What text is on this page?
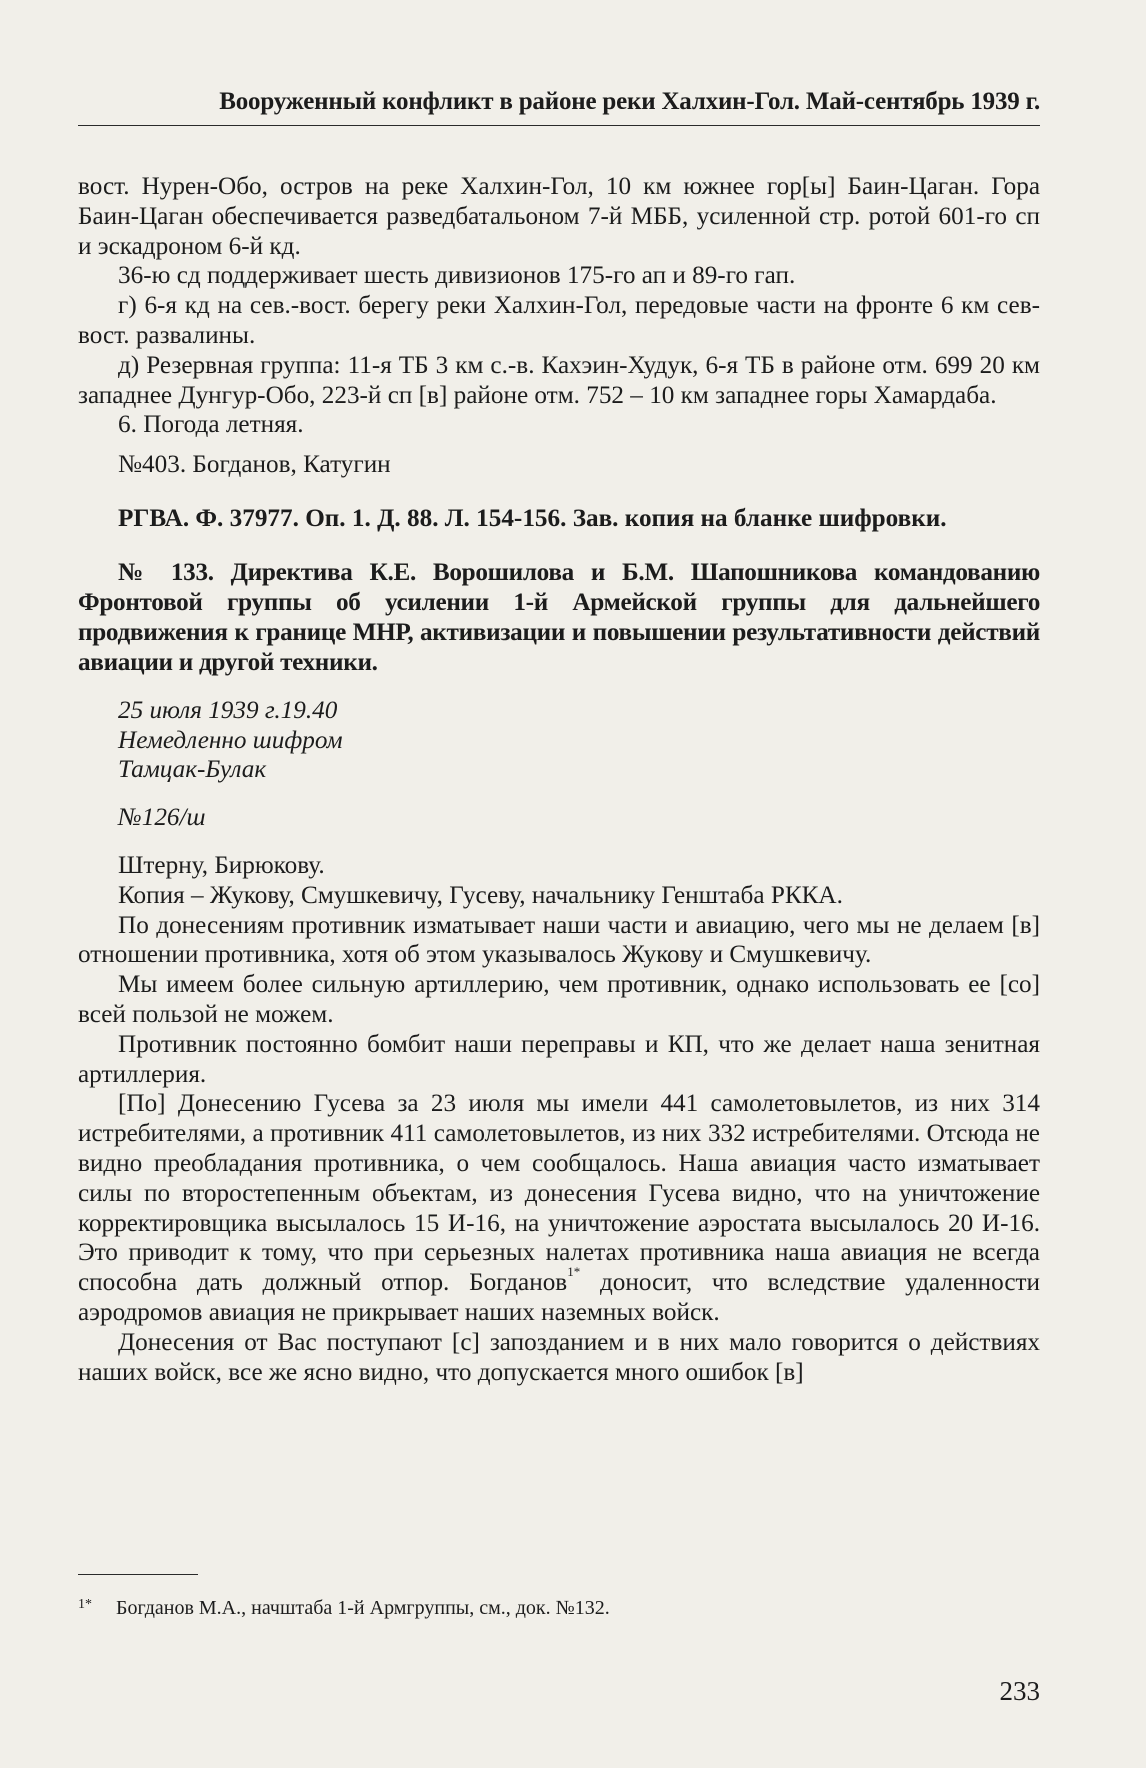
Вооруженный конфликт в районе реки Халхин-Гол. Май-сентябрь 1939 г.

вост. Нурен-Обо, остров на реке Халхин-Гол, 10 км южнее гор[ы] Баин-Цаган. Гора Баин-Цаган обеспечивается разведбатальоном 7-й МББ, усиленной стр. ротой 601-го сп и эскадроном 6-й кд.

36-ю сд поддерживает шесть дивизионов 175-го ап и 89-го гап.

г) 6-я кд на сев.-вост. берегу реки Халхин-Гол, передовые части на фронте 6 км сев-вост. развалины.

д) Резервная группа: 11-я ТБ 3 км с.-в. Кахэин-Худук, 6-я ТБ в районе отм. 699 20 км западнее Дунгур-Обо, 223-й сп [в] районе отм. 752 – 10 км западнее горы Хамардаба.

6. Погода летняя.

№403. Богданов, Катугин

РГВА. Ф. 37977. Оп. 1. Д. 88. Л. 154-156. Зав. копия на бланке шифровки.

№ 133. Директива К.Е. Ворошилова и Б.М. Шапошникова командованию Фронтовой группы об усилении 1-й Армейской группы для дальнейшего продвижения к границе МНР, активизации и повышении результативности действий авиации и другой техники.

25 июля 1939 г.19.40

Немедленно шифром

Тамцак-Булак

№126/ш

Штерну, Бирюкову.

Копия – Жукову, Смушкевичу, Гусеву, начальнику Генштаба РККА.

По донесениям противник изматывает наши части и авиацию, чего мы не делаем [в] отношении противника, хотя об этом указывалось Жукову и Смушкевичу.

Мы имеем более сильную артиллерию, чем противник, однако использовать ее [со] всей пользой не можем.

Противник постоянно бомбит наши переправы и КП, что же делает наша зенитная артиллерия.

[По] Донесению Гусева за 23 июля мы имели 441 самолетовылетов, из них 314 истребителями, а противник 411 самолетовылетов, из них 332 истребителями. Отсюда не видно преобладания противника, о чем сообщалось. Наша авиация часто изматывает силы по второстепенным объектам, из донесения Гусева видно, что на уничтожение корректировщика высылалось 15 И-16, на уничтожение аэростата высылалось 20 И-16. Это приводит к тому, что при серьезных налетах противника наша авиация не всегда способна дать должный отпор. Богданов$^{1*}$ доносит, что вследствие удаленности аэродромов авиация не прикрывает наших наземных войск.

Донесения от Вас поступают [с] запозданием и в них мало говорится о действиях наших войск, все же ясно видно, что допускается много ошибок [в]

1* Богданов М.А., начштаба 1-й Армгруппы, см., док. №132.
233
